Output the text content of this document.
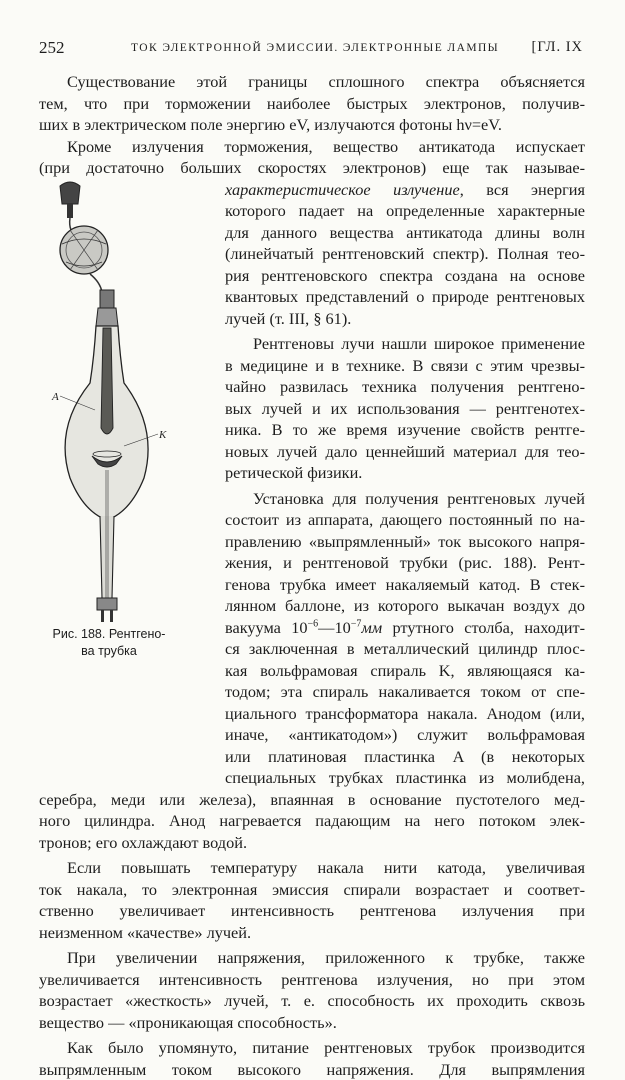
252	ТОК ЭЛЕКТРОННОЙ ЭМИССИИ. ЭЛЕКТРОННЫЕ ЛАМПЫ [ГЛ. IX

Существование этой границы сплошного спектра объясняется

тем, что при торможении наиболее быстрых электронов, получив-

ших в электрическом поле энергию eV, излучаются фотоны hν=eV.

Кроме излучения торможения, вещество антикатода испускает

(при достаточно больших скоростях электронов) еще так называе-

характеристическое излучение, вся энергия

которого падает на определенные характерные

для данного вещества антикатода длины волн

(линейчатый рентгеновский спектр). Полная тео-

рия рентгеновского спектра создана на основе

квантовых представлений о природе рентгеновых

лучей (т. III, § 61).

Рентгеновы лучи нашли широкое применение

в медицине и в технике. В связи с этим чрезвы-

чайно развилась техника получения рентгено-

вых лучей и их использования — рентгенотех-

ника. В то же время изучение свойств рентге-

новых лучей дало ценнейший материал для тео-

ретической физики.

Установка для получения рентгеновых лучей

состоит из аппарата, дающего постоянный по на-

правлению «выпрямленный» ток высокого напря-

жения, и рентгеновой трубки (рис. 188). Рент-

генова трубка имеет накаляемый катод. В стек-

лянном баллоне, из которого выкачан воздух до

вакуума $10^{-6}—10^{-7}мм$ ртутного столба, находит-

ся заключенная в металлический цилиндр плос-

кая вольфрамовая спираль K, являющаяся ка-

тодом; эта спираль накаливается током от спе-

циального трансформатора накала. Анодом (или,

иначе, «антикатодом») служит вольфрамовая

или платиновая пластинка A (в некоторых

специальных трубках пластинка из молибдена,

серебра, меди или железа), впаянная в основание пустотелого мед-

ного цилиндра. Анод нагревается падающим на него потоком элек-

тронов; его охлаждают водой.

Если повышать температуру накала нити катода, увеличивая

ток накала, то электронная эмиссия спирали возрастает и соответ-

ственно увеличивает интенсивность рентгенова излучения при

неизменном «качестве» лучей.

При увеличении напряжения, приложенного к трубке, также

увеличивается интенсивность рентгенова излучения, но при этом

возрастает «жесткость» лучей, т. е. способность их проходить сквозь

вещество — «проникающая способность».

Как было упомянуто, питание рентгеновых трубок производится

выпрямленным током высокого напряжения. Для выпрямления

А
К
Рис. 188. Рентгено-
ва трубка
